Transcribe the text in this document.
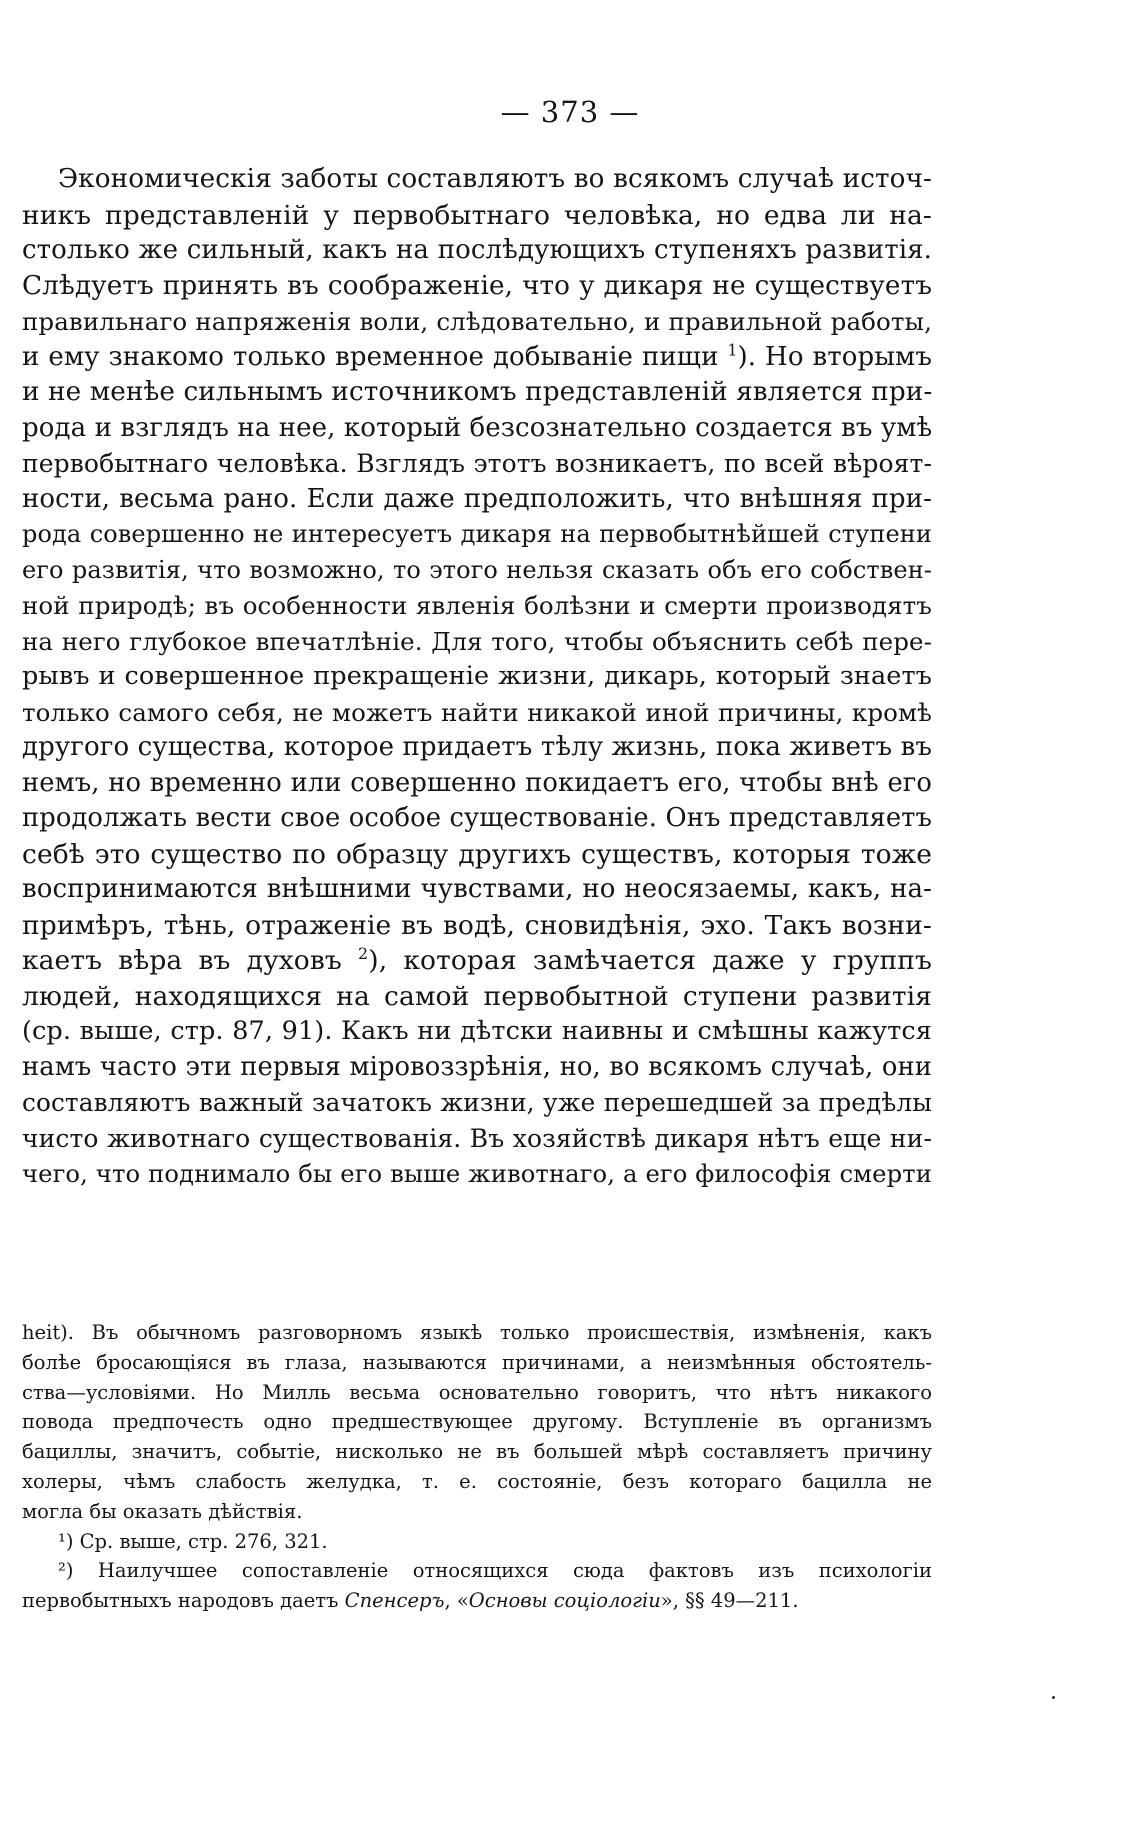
— 373 —
Экономическія заботы составляютъ во всякомъ случаѣ источ-
никъ представленій у первобытнаго человѣка, но едва ли на-
столько же сильный, какъ на послѣдующихъ ступеняхъ развитія.
Слѣдуетъ принять въ соображеніе, что у дикаря не существуетъ
правильнаго напряженія воли, слѣдовательно, и правильной работы,
и ему знакомо только временное добываніе пищи $^1$). Но вторымъ
и не менѣе сильнымъ источникомъ представленій является при-
рода и взглядъ на нее, который безсознательно создается въ умѣ
первобытнаго человѣка. Взглядъ этотъ возникаетъ, по всей вѣроят-
ности, весьма рано. Если даже предположить, что внѣшняя при-
рода совершенно не интересуетъ дикаря на первобытнѣйшей ступени
его развитія, что возможно, то этого нельзя сказать объ его собствен-
ной природѣ; въ особенности явленія болѣзни и смерти производятъ
на него глубокое впечатлѣніе. Для того, чтобы объяснить себѣ пере-
рывъ и совершенное прекращеніе жизни, дикарь, который знаетъ
только самого себя, не можетъ найти никакой иной причины, кромѣ
другого существа, которое придаетъ тѣлу жизнь, пока живетъ въ
немъ, но временно или совершенно покидаетъ его, чтобы внѣ его
продолжать вести свое особое существованіе. Онъ представляетъ
себѣ это существо по образцу другихъ существъ, которыя тоже
воспринимаются внѣшними чувствами, но неосязаемы, какъ, на-
примѣръ, тѣнь, отраженіе въ водѣ, сновидѣнія, эхо. Такъ возни-
каетъ вѣра въ духовъ $^2$), которая замѣчается даже у группъ
людей, находящихся на самой первобытной ступени развитія
(ср. выше, стр. 87, 91). Какъ ни дѣтски наивны и смѣшны кажутся
намъ часто эти первыя міровоззрѣнія, но, во всякомъ случаѣ, они
составляютъ важный зачатокъ жизни, уже перешедшей за предѣлы
чисто животнаго существованія. Въ хозяйствѣ дикаря нѣтъ еще ни-
чего, что поднимало бы его выше животнаго, а его философія смерти
heit). Въ обычномъ разговорномъ языкѣ только происшествія, измѣненія, какъ
болѣе бросающіяся въ глаза, называются причинами, а неизмѣнныя обстоятель-
ства—условіями. Но Милль весьма основательно говоритъ, что нѣтъ никакого
повода предпочесть одно предшествующее другому. Вступленіе въ организмъ
бациллы, значитъ, событіе, нисколько не въ большей мѣрѣ составляетъ причину
холеры, чѣмъ слабость желудка, т. е. состояніе, безъ котораго бацилла не
могла бы оказать дѣйствія.
¹) Ср. выше, стр. 276, 321.
²) Наилучшее сопоставленіе относящихся сюда фактовъ изъ психологіи
первобытныхъ народовъ даетъ Спенсеръ, «Основы соціологіи», §§ 49—211.
